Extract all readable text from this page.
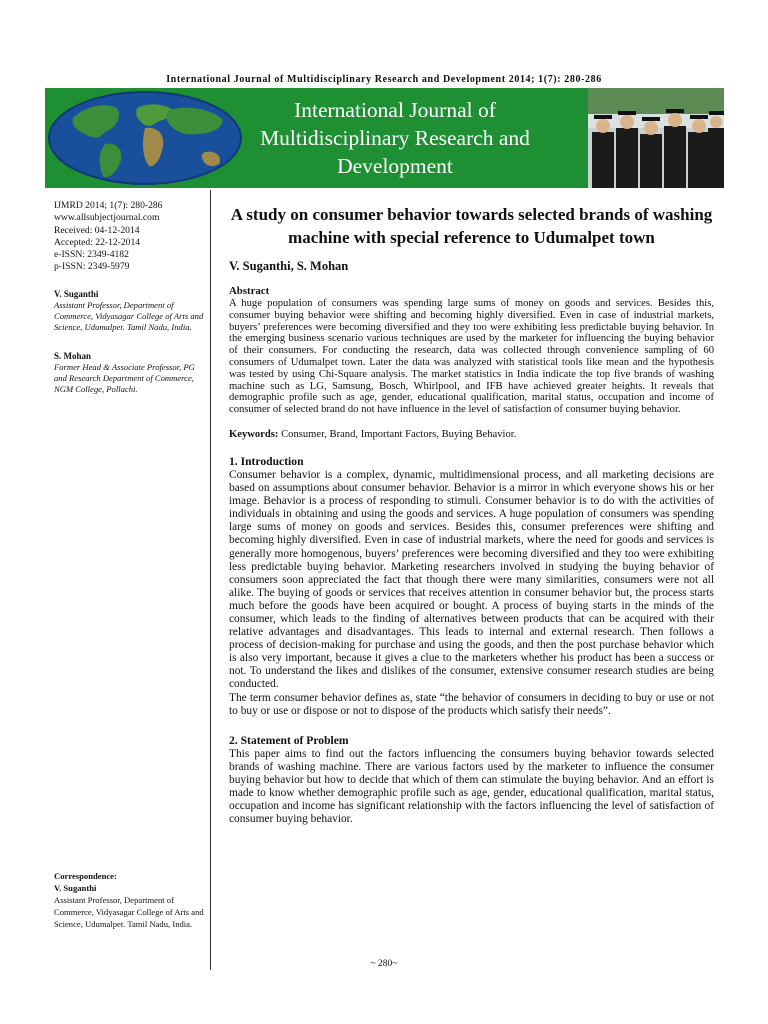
International Journal of Multidisciplinary Research and Development 2014; 1(7): 280-286
International Journal of
Multidisciplinary Research and
Development
IJMRD 2014; 1(7): 280-286
www.allsubjectjournal.com
Received: 04-12-2014
Accepted: 22-12-2014
e-ISSN: 2349-4182
p-ISSN: 2349-5979
V. Suganthi
Assistant Professor, Department of Commerce, Vidyasagar College of Arts and Science, Udumalpet. Tamil Nadu, India.
S. Mohan
Former Head & Associate Professor, PG and Research Department of Commerce, NGM College, Pollachi.
Correspondence:
V. Suganthi
Assistant Professor, Department of Commerce, Vidyasagar College of Arts and Science, Udumalpet. Tamil Nadu, India.
A study on consumer behavior towards selected brands of washing machine with special reference to Udumalpet town
V. Suganthi, S. Mohan
Abstract
A huge population of consumers was spending large sums of money on goods and services. Besides this, consumer buying behavior were shifting and becoming highly diversified. Even in case of industrial markets, buyers’ preferences were becoming diversified and they too were exhibiting less predictable buying behavior. In the emerging business scenario various techniques are used by the marketer for influencing the buying behavior of their consumers. For conducting the research, data was collected through convenience sampling of 60 consumers of Udumalpet town. Later the data was analyzed with statistical tools like mean and the hypothesis was tested by using Chi-Square analysis. The market statistics in India indicate the top five brands of washing machine such as LG, Samsung, Bosch, Whirlpool, and IFB have achieved greater heights. It reveals that demographic profile such as age, gender, educational qualification, marital status, occupation and income of consumer of selected brand do not have influence in the level of satisfaction of consumer buying behavior.
Keywords: Consumer, Brand, Important Factors, Buying Behavior.
1. Introduction
Consumer behavior is a complex, dynamic, multidimensional process, and all marketing decisions are based on assumptions about consumer behavior. Behavior is a mirror in which everyone shows his or her image. Behavior is a process of responding to stimuli. Consumer behavior is to do with the activities of individuals in obtaining and using the goods and services. A huge population of consumers was spending large sums of money on goods and services. Besides this, consumer preferences were shifting and becoming highly diversified. Even in case of industrial markets, where the need for goods and services is generally more homogenous, buyers’ preferences were becoming diversified and they too were exhibiting less predictable buying behavior. Marketing researchers involved in studying the buying behavior of consumers soon appreciated the fact that though there were many similarities, consumers were not all alike. The buying of goods or services that receives attention in consumer behavior but, the process starts much before the goods have been acquired or bought. A process of buying starts in the minds of the consumer, which leads to the finding of alternatives between products that can be acquired with their relative advantages and disadvantages. This leads to internal and external research. Then follows a process of decision-making for purchase and using the goods, and then the post purchase behavior which is also very important, because it gives a clue to the marketers whether his product has been a success or not. To understand the likes and dislikes of the consumer, extensive consumer research studies are being conducted.
The term consumer behavior defines as, state “the behavior of consumers in deciding to buy or use or not to buy or use or dispose or not to dispose of the products which satisfy their needs”.
2. Statement of Problem
This paper aims to find out the factors influencing the consumers buying behavior towards selected brands of washing machine. There are various factors used by the marketer to influence the consumer buying behavior but how to decide that which of them can stimulate the buying behavior. And an effort is made to know whether demographic profile such as age, gender, educational qualification, marital status, occupation and income has significant relationship with the factors influencing the level of satisfaction of consumer buying behavior.
~ 280~
